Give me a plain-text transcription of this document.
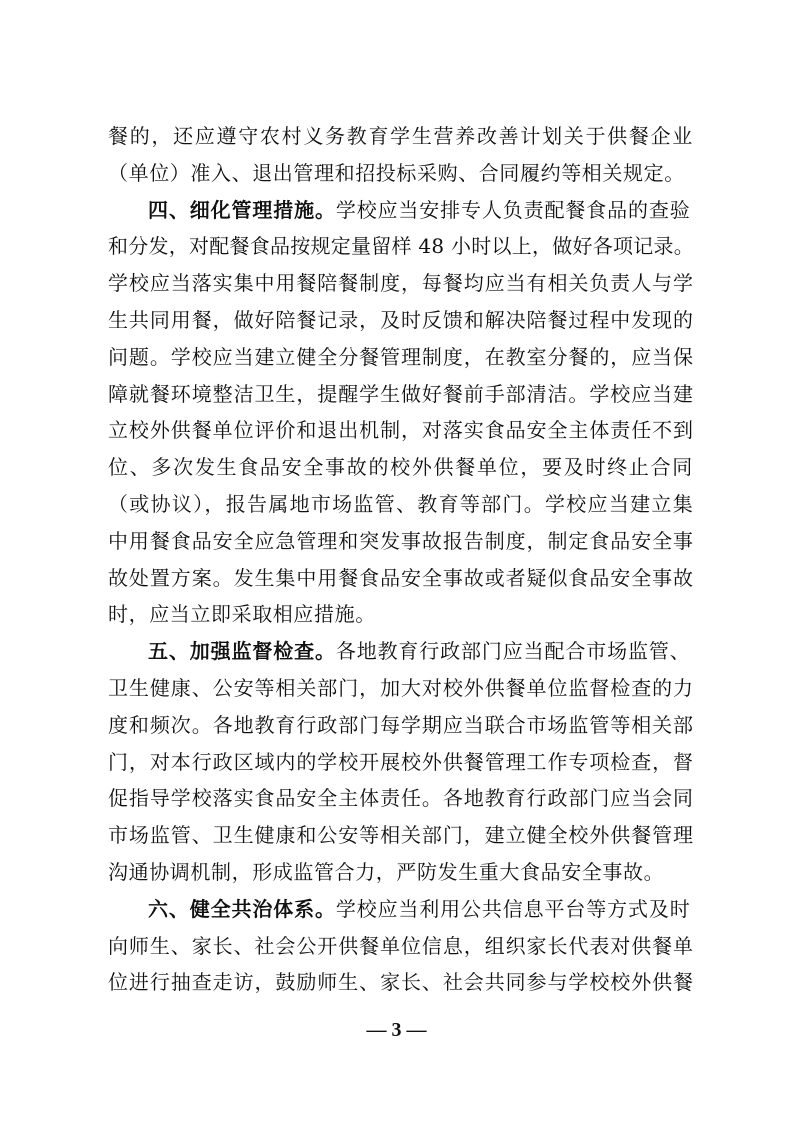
餐的，还应遵守农村义务教育学生营养改善计划关于供餐企业
（单位）准入、退出管理和招投标采购、合同履约等相关规定。
四、细化管理措施。学校应当安排专人负责配餐食品的查验
和分发，对配餐食品按规定量留样 48 小时以上，做好各项记录。
学校应当落实集中用餐陪餐制度，每餐均应当有相关负责人与学
生共同用餐，做好陪餐记录，及时反馈和解决陪餐过程中发现的
问题。学校应当建立健全分餐管理制度，在教室分餐的，应当保
障就餐环境整洁卫生，提醒学生做好餐前手部清洁。学校应当建
立校外供餐单位评价和退出机制，对落实食品安全主体责任不到
位、多次发生食品安全事故的校外供餐单位，要及时终止合同
（或协议），报告属地市场监管、教育等部门。学校应当建立集
中用餐食品安全应急管理和突发事故报告制度，制定食品安全事
故处置方案。发生集中用餐食品安全事故或者疑似食品安全事故
时，应当立即采取相应措施。
五、加强监督检查。各地教育行政部门应当配合市场监管、
卫生健康、公安等相关部门，加大对校外供餐单位监督检查的力
度和频次。各地教育行政部门每学期应当联合市场监管等相关部
门，对本行政区域内的学校开展校外供餐管理工作专项检查，督
促指导学校落实食品安全主体责任。各地教育行政部门应当会同
市场监管、卫生健康和公安等相关部门，建立健全校外供餐管理
沟通协调机制，形成监管合力，严防发生重大食品安全事故。
六、健全共治体系。学校应当利用公共信息平台等方式及时
向师生、家长、社会公开供餐单位信息，组织家长代表对供餐单
位进行抽查走访，鼓励师生、家长、社会共同参与学校校外供餐
— 3 —
